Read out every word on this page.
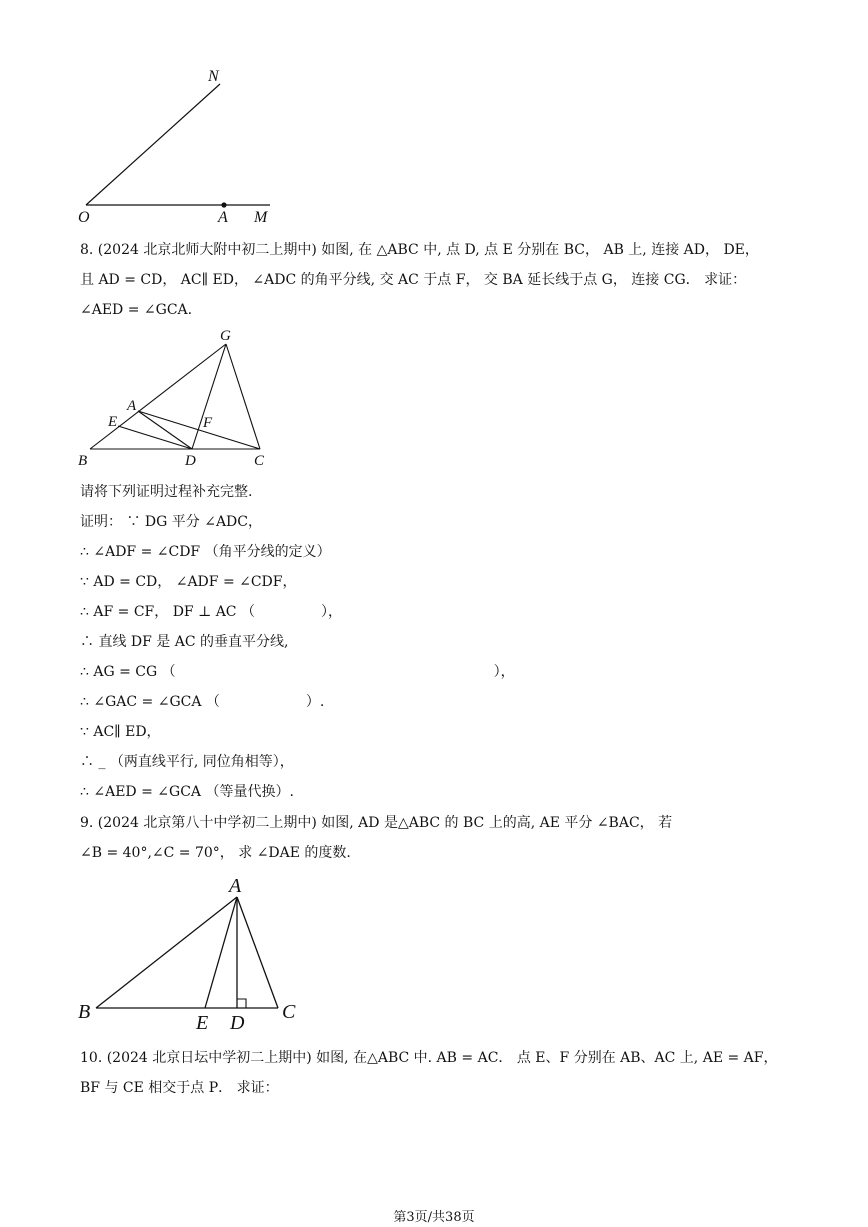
N
O	A M
8. (2024 北京北师大附中初二上期中) 如图, 在 △ABC 中, 点 D, 点 E 分别在 BC， AB 上, 连接 AD， DE，
且 AD = CD， AC∥ ED， ∠ADC 的角平分线, 交 AC 于点 F， 交 BA 延长线于点 G， 连接 CG． 求证：
∠AED = ∠GCA.
G
A
E	F
B	D	C
请将下列证明过程补充完整.
证明： ∵ DG 平分 ∠ADC，
∴ ∠ADF = ∠CDF （角平分线的定义）
∵ AD = CD， ∠ADF = ∠CDF，
∴ AF = CF， DF ⊥ AC （	），
∴ 直线 DF 是 AC 的垂直平分线,
∴ AG = CG （	），
∴ ∠GAC = ∠GCA （	）.
∵ AC∥ ED，
∴ _ （两直线平行, 同位角相等），
∴ ∠AED = ∠GCA （等量代换）.
9. (2024 北京第八十中学初二上期中) 如图, AD 是△ABC 的 BC 上的高, AE 平分 ∠BAC， 若
∠B = 40°,∠C = 70°， 求 ∠DAE 的度数.
A
B	E D C
10. (2024 北京日坛中学初二上期中) 如图, 在△ABC 中. AB = AC． 点 E、F 分别在 AB、AC 上, AE = AF，
BF 与 CE 相交于点 P． 求证：
第3页/共38页
